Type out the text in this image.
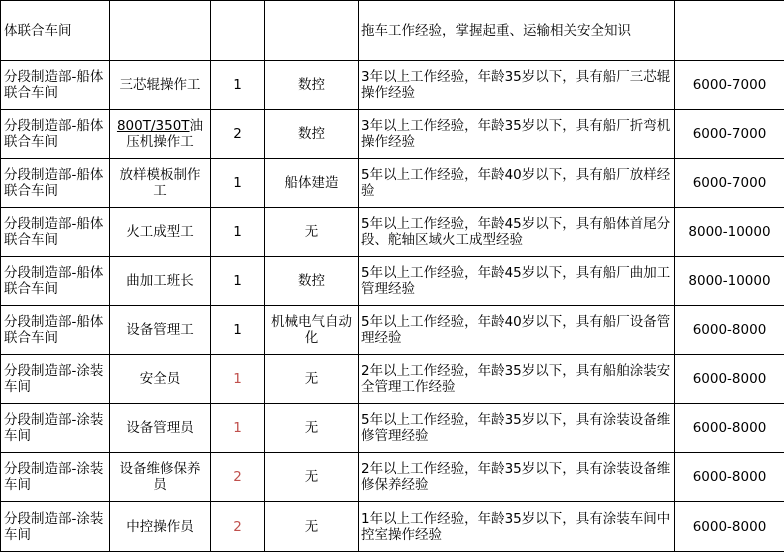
体联合车间				拖车工作经验，掌握起重、运输相关安全知识	
分段制造部-船体联合车间	三芯辊操作工	1	数控	3年以上工作经验，年龄35岁以下，具有船厂三芯辊操作经验	6000-7000
分段制造部-船体联合车间	800T/350T油压机操作工	2	数控	3年以上工作经验，年龄35岁以下，具有船厂折弯机操作经验	6000-7000
分段制造部-船体联合车间	放样模板制作工	1	船体建造	5年以上工作经验，年龄40岁以下，具有船厂放样经验	6000-7000
分段制造部-船体联合车间	火工成型工	1	无	5年以上工作经验，年龄45岁以下，具有船体首尾分段、舵轴区域火工成型经验	8000-10000
分段制造部-船体联合车间	曲加工班长	1	数控	5年以上工作经验，年龄45岁以下，具有船厂曲加工管理经验	8000-10000
分段制造部-船体联合车间	设备管理工	1	机械电气自动化	5年以上工作经验，年龄40岁以下，具有船厂设备管理经验	6000-8000
分段制造部-涂装车间	安全员	1	无	2年以上工作经验，年龄35岁以下，具有船舶涂装安全管理工作经验	6000-8000
分段制造部-涂装车间	设备管理员	1	无	5年以上工作经验，年龄35岁以下，具有涂装设备维修管理经验	6000-8000
分段制造部-涂装车间	设备维修保养员	2	无	2年以上工作经验，年龄35岁以下，具有涂装设备维修保养经验	6000-8000
分段制造部-涂装车间	中控操作员	2	无	1年以上工作经验，年龄35岁以下，具有涂装车间中控室操作经验	6000-8000
